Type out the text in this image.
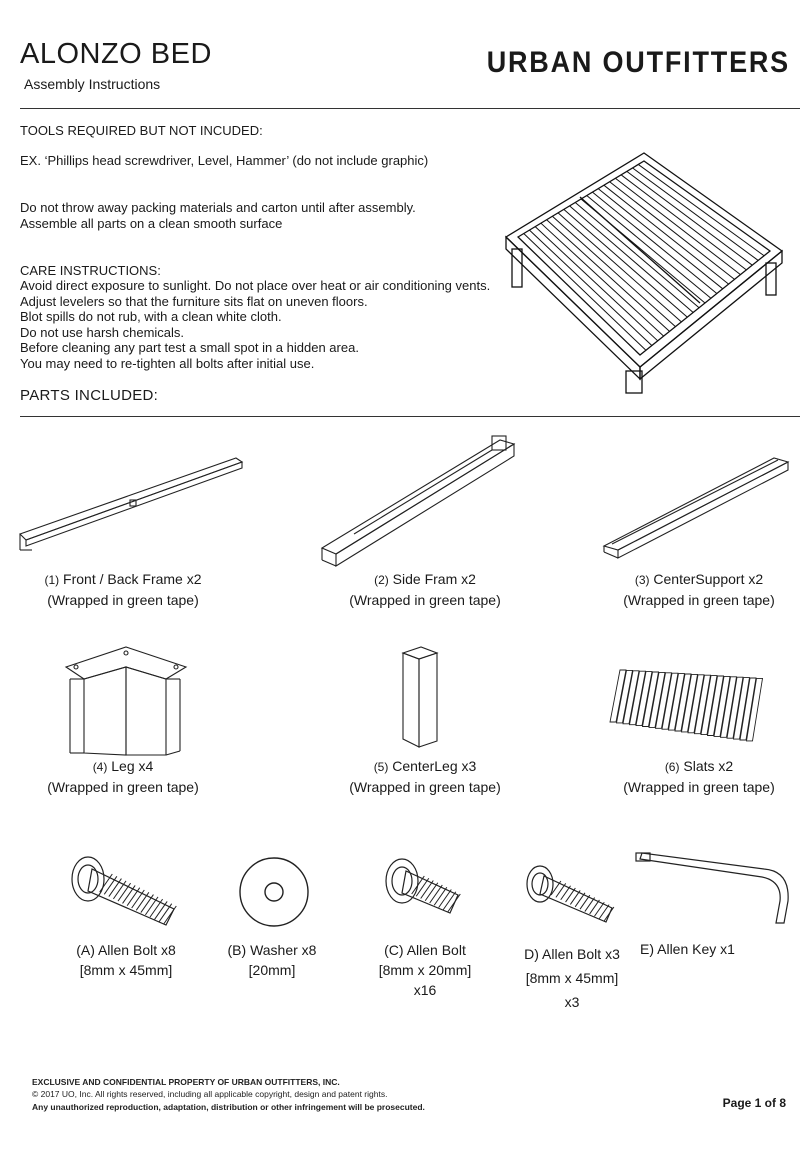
ALONZO BED
Assembly Instructions
URBAN OUTFITTERS
TOOLS REQUIRED BUT NOT INCUDED:
EX. ‘Phillips head screwdriver, Level, Hammer’ (do not include graphic)
Do not throw away packing materials and carton until after assembly.
Assemble all parts on a clean smooth surface
CARE INSTRUCTIONS:
Avoid direct exposure to sunlight. Do not place over heat or air conditioning vents.
Adjust levelers so that the furniture sits flat on uneven floors.
Blot spills do not rub, with a clean white cloth.
Do not use harsh chemicals.
Before cleaning any part test a small spot in a hidden area.
You may need to re-tighten all bolts after initial use.
PARTS INCLUDED:
(1) Front / Back Frame x2
(Wrapped in green tape)
(2) Side Fram x2
(Wrapped in green tape)
(3) CenterSupport x2
(Wrapped in green tape)
(4) Leg x4
(Wrapped in green tape)
(5) CenterLeg x3
(Wrapped in green tape)
(6) Slats x2
(Wrapped in green tape)
(A) Allen Bolt x8
[8mm x 45mm]
(B) Washer x8
[20mm]
(C) Allen Bolt
[8mm x 20mm]
x16
D) Allen Bolt x3
[8mm x 45mm]
x3
E) Allen Key x1
EXCLUSIVE AND CONFIDENTIAL PROPERTY OF URBAN OUTFITTERS, INC.
© 2017 UO, Inc. All rights reserved, including all applicable copyright, design and patent rights.
Any unauthorized reproduction, adaptation, distribution or other infringement will be prosecuted.	Page 1 of 8
